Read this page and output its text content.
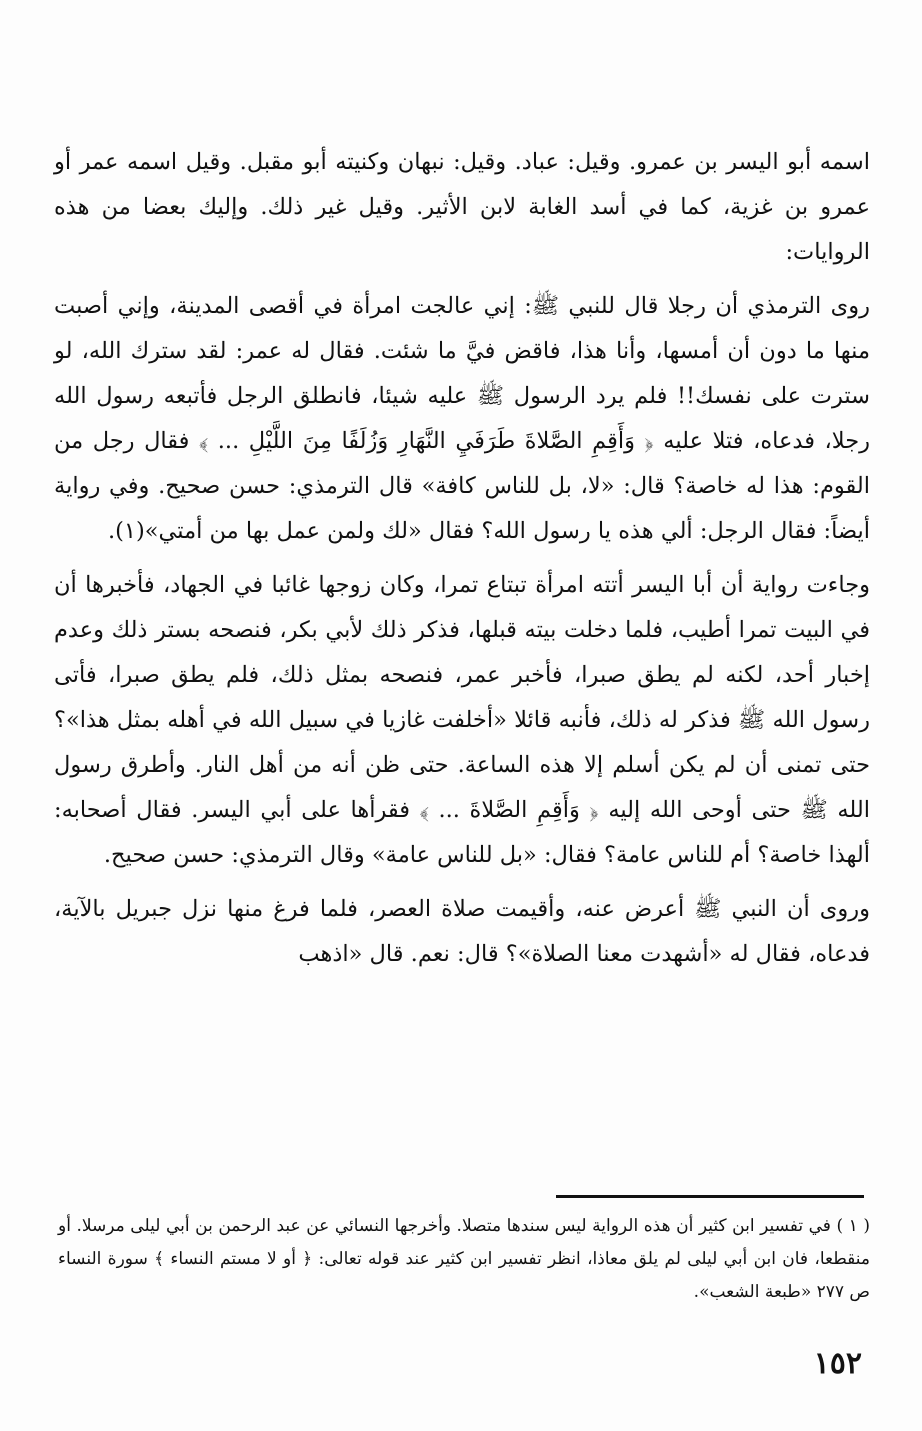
اسمه أبو اليسر بن عمرو. وقيل: عباد. وقيل: نبهان وكنيته أبو مقبل. وقيل اسمه عمر أو عمرو بن غزية، كما في أسد الغابة لابن الأثير. وقيل غير ذلك. وإليك بعضا من هذه الروايات:

روى الترمذي أن رجلا قال للنبي ﷺ: إني عالجت امرأة في أقصى المدينة، وإني أصبت منها ما دون أن أمسها، وأنا هذا، فاقض فيَّ ما شئت. فقال له عمر: لقد سترك الله، لو سترت على نفسك!! فلم يرد الرسول ﷺ عليه شيئا، فانطلق الرجل فأتبعه رسول الله رجلا، فدعاه، فتلا عليه ﴿ وَأَقِمِ الصَّلاةَ طَرَفَيِ النَّهَارِ وَزُلَفًا مِنَ اللَّيْلِ ... ﴾ فقال رجل من القوم: هذا له خاصة؟ قال: «لا، بل للناس كافة» قال الترمذي: حسن صحيح. وفي رواية أيضاً: فقال الرجل: ألي هذه يا رسول الله؟ فقال «لك ولمن عمل بها من أمتي»(١).

وجاءت رواية أن أبا اليسر أتته امرأة تبتاع تمرا، وكان زوجها غائبا في الجهاد، فأخبرها أن في البيت تمرا أطيب، فلما دخلت بيته قبلها، فذكر ذلك لأبي بكر، فنصحه بستر ذلك وعدم إخبار أحد، لكنه لم يطق صبرا، فأخبر عمر، فنصحه بمثل ذلك، فلم يطق صبرا، فأتى رسول الله ﷺ فذكر له ذلك، فأنبه قائلا «أخلفت غازيا في سبيل الله في أهله بمثل هذا»؟ حتى تمنى أن لم يكن أسلم إلا هذه الساعة. حتى ظن أنه من أهل النار. وأطرق رسول الله ﷺ حتى أوحى الله إليه ﴿ وَأَقِمِ الصَّلاةَ ... ﴾ فقرأها على أبي اليسر. فقال أصحابه: ألهذا خاصة؟ أم للناس عامة؟ فقال: «بل للناس عامة» وقال الترمذي: حسن صحيح.

وروى أن النبي ﷺ أعرض عنه، وأقيمت صلاة العصر، فلما فرغ منها نزل جبريل بالآية، فدعاه، فقال له «أشهدت معنا الصلاة»؟ قال: نعم. قال «اذهب

( ١ ) في تفسير ابن كثير أن هذه الرواية ليس سندها متصلا. وأخرجها النسائي عن عبد الرحمن بن أبي ليلى مرسلا. أو منقطعا، فان ابن أبي ليلى لم يلق معاذا، انظر تفسير ابن كثير عند قوله تعالى: ﴿ أو لا مستم النساء ﴾ سورة النساء ص ٢٧٧ «طبعة الشعب».
١٥٢
